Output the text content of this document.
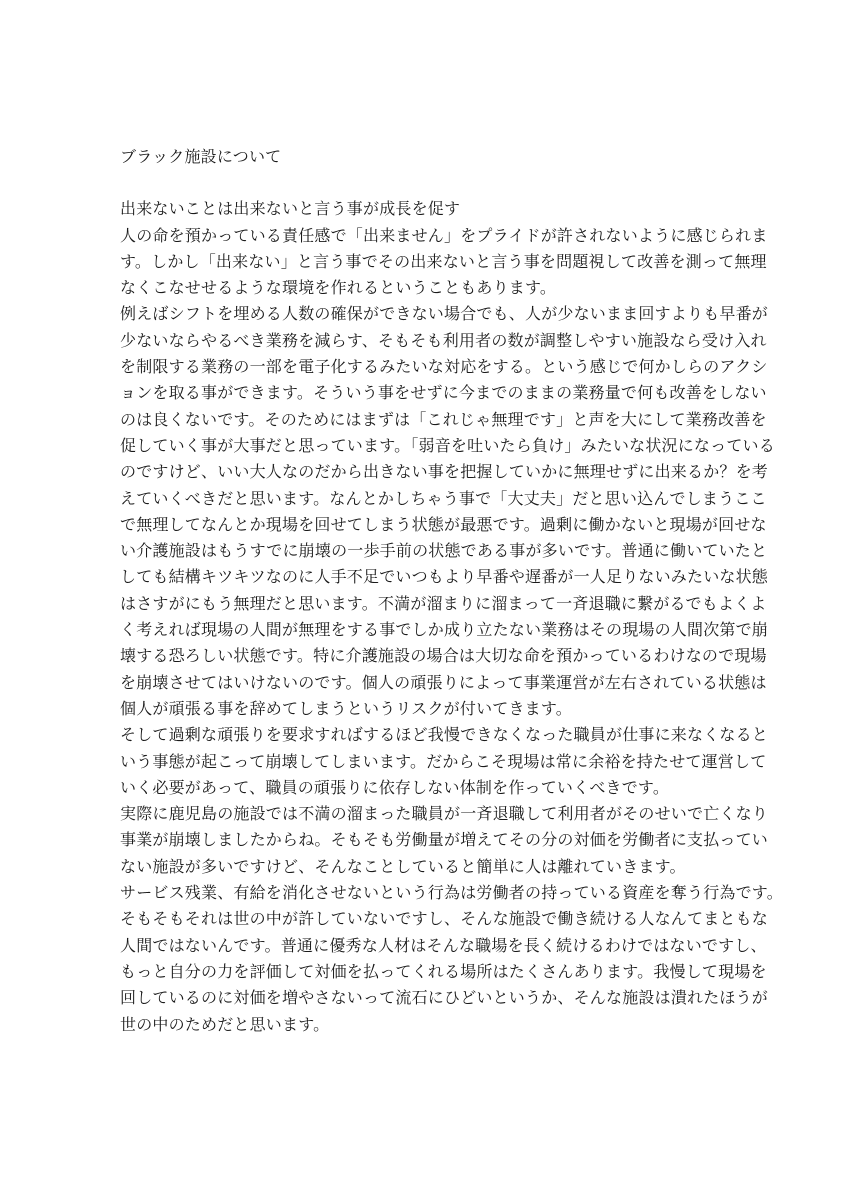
ブラック施設について
出来ないことは出来ないと言う事が成長を促す
人の命を預かっている責任感で「出来ません」をプライドが許されないように感じられま
す。しかし「出来ない」と言う事でその出来ないと言う事を問題視して改善を測って無理
なくこなせせるような環境を作れるということもあります。
例えばシフトを埋める人数の確保ができない場合でも、人が少ないまま回すよりも早番が
少ないならやるべき業務を減らす、そもそも利用者の数が調整しやすい施設なら受け入れ
を制限する業務の一部を電子化するみたいな対応をする。という感じで何かしらのアクシ
ョンを取る事ができます。そういう事をせずに今までのままの業務量で何も改善をしない
のは良くないです。そのためにはまずは「これじゃ無理です」と声を大にして業務改善を
促していく事が大事だと思っています。「弱音を吐いたら負け」みたいな状況になっている
のですけど、いい大人なのだから出きない事を把握していかに無理せずに出来るか？を考
えていくべきだと思います。なんとかしちゃう事で「大丈夫」だと思い込んでしまうここ
で無理してなんとか現場を回せてしまう状態が最悪です。過剰に働かないと現場が回せな
い介護施設はもうすでに崩壊の一歩手前の状態である事が多いです。普通に働いていたと
しても結構キツキツなのに人手不足でいつもより早番や遅番が一人足りないみたいな状態
はさすがにもう無理だと思います。不満が溜まりに溜まって一斉退職に繋がるでもよくよ
く考えれば現場の人間が無理をする事でしか成り立たない業務はその現場の人間次第で崩
壊する恐ろしい状態です。特に介護施設の場合は大切な命を預かっているわけなので現場
を崩壊させてはいけないのです。個人の頑張りによって事業運営が左右されている状態は
個人が頑張る事を辞めてしまうというリスクが付いてきます。
そして過剰な頑張りを要求すればするほど我慢できなくなった職員が仕事に来なくなると
いう事態が起こって崩壊してしまいます。だからこそ現場は常に余裕を持たせて運営して
いく必要があって、職員の頑張りに依存しない体制を作っていくべきです。
実際に鹿児島の施設では不満の溜まった職員が一斉退職して利用者がそのせいで亡くなり
事業が崩壊しましたからね。そもそも労働量が増えてその分の対価を労働者に支払ってい
ない施設が多いですけど、そんなことしていると簡単に人は離れていきます。
サービス残業、有給を消化させないという行為は労働者の持っている資産を奪う行為です。
そもそもそれは世の中が許していないですし、そんな施設で働き続ける人なんてまともな
人間ではないんです。普通に優秀な人材はそんな職場を長く続けるわけではないですし、
もっと自分の力を評価して対価を払ってくれる場所はたくさんあります。我慢して現場を
回しているのに対価を増やさないって流石にひどいというか、そんな施設は潰れたほうが
世の中のためだと思います。
